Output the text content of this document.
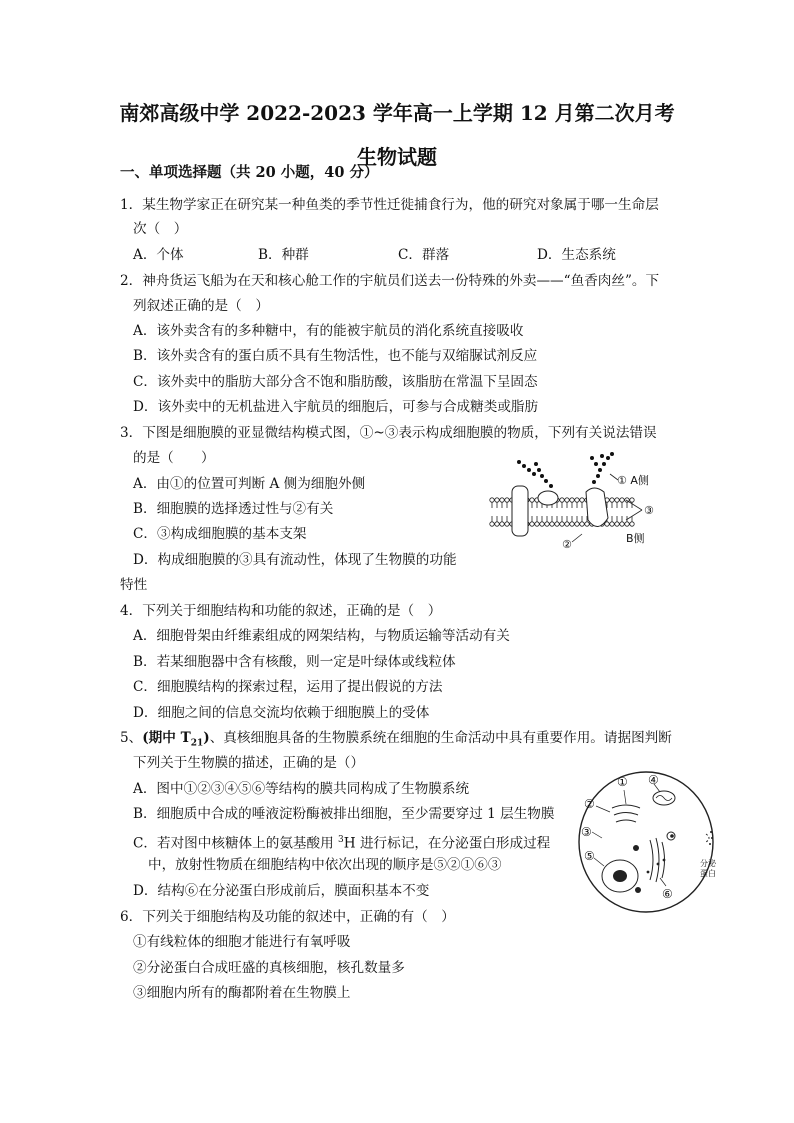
南郊高级中学 2022-2023 学年高一上学期 12 月第二次月考
生物试题
一、单项选择题（共 20 小题，40 分）
1．某生物学家正在研究某一种鱼类的季节性迁徙捕食行为，他的研究对象属于哪一生命层
次（　）
A．个体	B．种群	C．群落	D．生态系统
2．神舟货运飞船为在天和核心舱工作的宇航员们送去一份特殊的外卖——“鱼香肉丝”。下
列叙述正确的是（　）
A．该外卖含有的多种糖中，有的能被宇航员的消化系统直接吸收
B．该外卖含有的蛋白质不具有生物活性，也不能与双缩脲试剂反应
C．该外卖中的脂肪大部分含不饱和脂肪酸，该脂肪在常温下呈固态
D．该外卖中的无机盐进入宇航员的细胞后，可参与合成糖类或脂肪
3．下图是细胞膜的亚显微结构模式图，①~③表示构成细胞膜的物质，下列有关说法错误
的是（　　）
A．由①的位置可判断 A 侧为细胞外侧
B．细胞膜的选择透过性与②有关
C．③构成细胞膜的基本支架
D．构成细胞膜的③具有流动性，体现了生物膜的功能
特性
① A侧
③
②	B侧
4．下列关于细胞结构和功能的叙述，正确的是（　）
A．细胞骨架由纤维素组成的网架结构，与物质运输等活动有关
B．若某细胞器中含有核酸，则一定是叶绿体或线粒体
C．细胞膜结构的探索过程，运用了提出假说的方法
D．细胞之间的信息交流均依赖于细胞膜上的受体
5、(期中 $T_{21}$)、真核细胞具备的生物膜系统在细胞的生命活动中具有重要作用。请据图判断
下列关于生物膜的描述，正确的是（）
A．图中①②③④⑤⑥等结构的膜共同构成了生物膜系统
B．细胞质中合成的唾液淀粉酶被排出细胞，至少需要穿过 1 层生物膜
C．若对图中核糖体上的氨基酸用 $^3$H 进行标记，在分泌蛋白形成过程
中，放射性物质在细胞结构中依次出现的顺序是⑤②①⑥③
D．结构⑥在分泌蛋白形成前后，膜面积基本不变
①
②
③
④
⑤
⑥
分泌
蛋白
6．下列关于细胞结构及功能的叙述中，正确的有（　）
①有线粒体的细胞才能进行有氧呼吸
②分泌蛋白合成旺盛的真核细胞，核孔数量多
③细胞内所有的酶都附着在生物膜上
